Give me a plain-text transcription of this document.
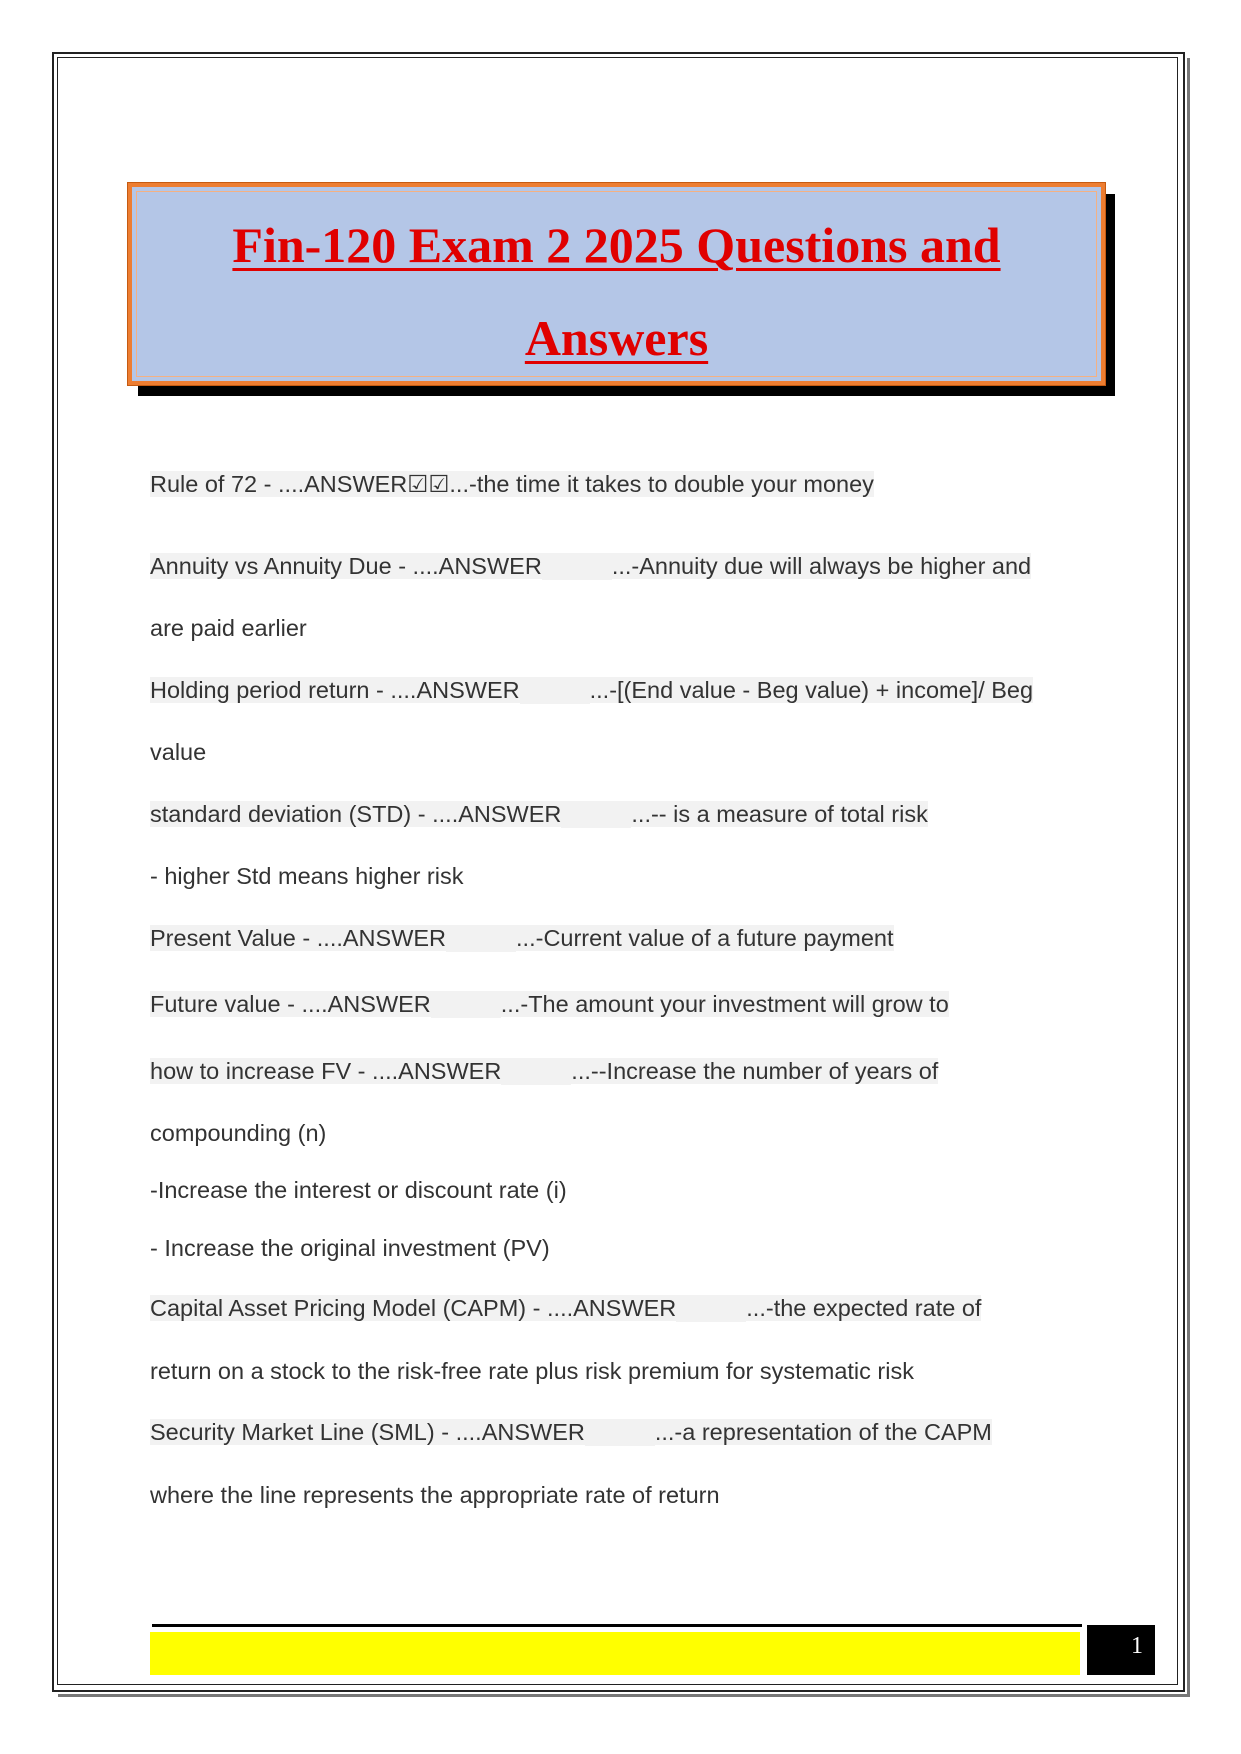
Fin-120 Exam 2 2025 Questions and
Answers
Rule of 72 - ....ANSWER☑☑...-the time it takes to double your money
Annuity vs Annuity Due - ....ANSWER	...-Annuity due will always be higher and
are paid earlier
Holding period return - ....ANSWER	...-[(End value - Beg value) + income]/ Beg
value
standard deviation (STD) - ....ANSWER	...-- is a measure of total risk
- higher Std means higher risk
Present Value - ....ANSWER	...-Current value of a future payment
Future value - ....ANSWER	...-The amount your investment will grow to
how to increase FV - ....ANSWER	...--Increase the number of years of
compounding (n)
-Increase the interest or discount rate (i)
- Increase the original investment (PV)
Capital Asset Pricing Model (CAPM) - ....ANSWER	...-the expected rate of
return on a stock to the risk-free rate plus risk premium for systematic risk
Security Market Line (SML) - ....ANSWER	...-a representation of the CAPM
where the line represents the appropriate rate of return
1
